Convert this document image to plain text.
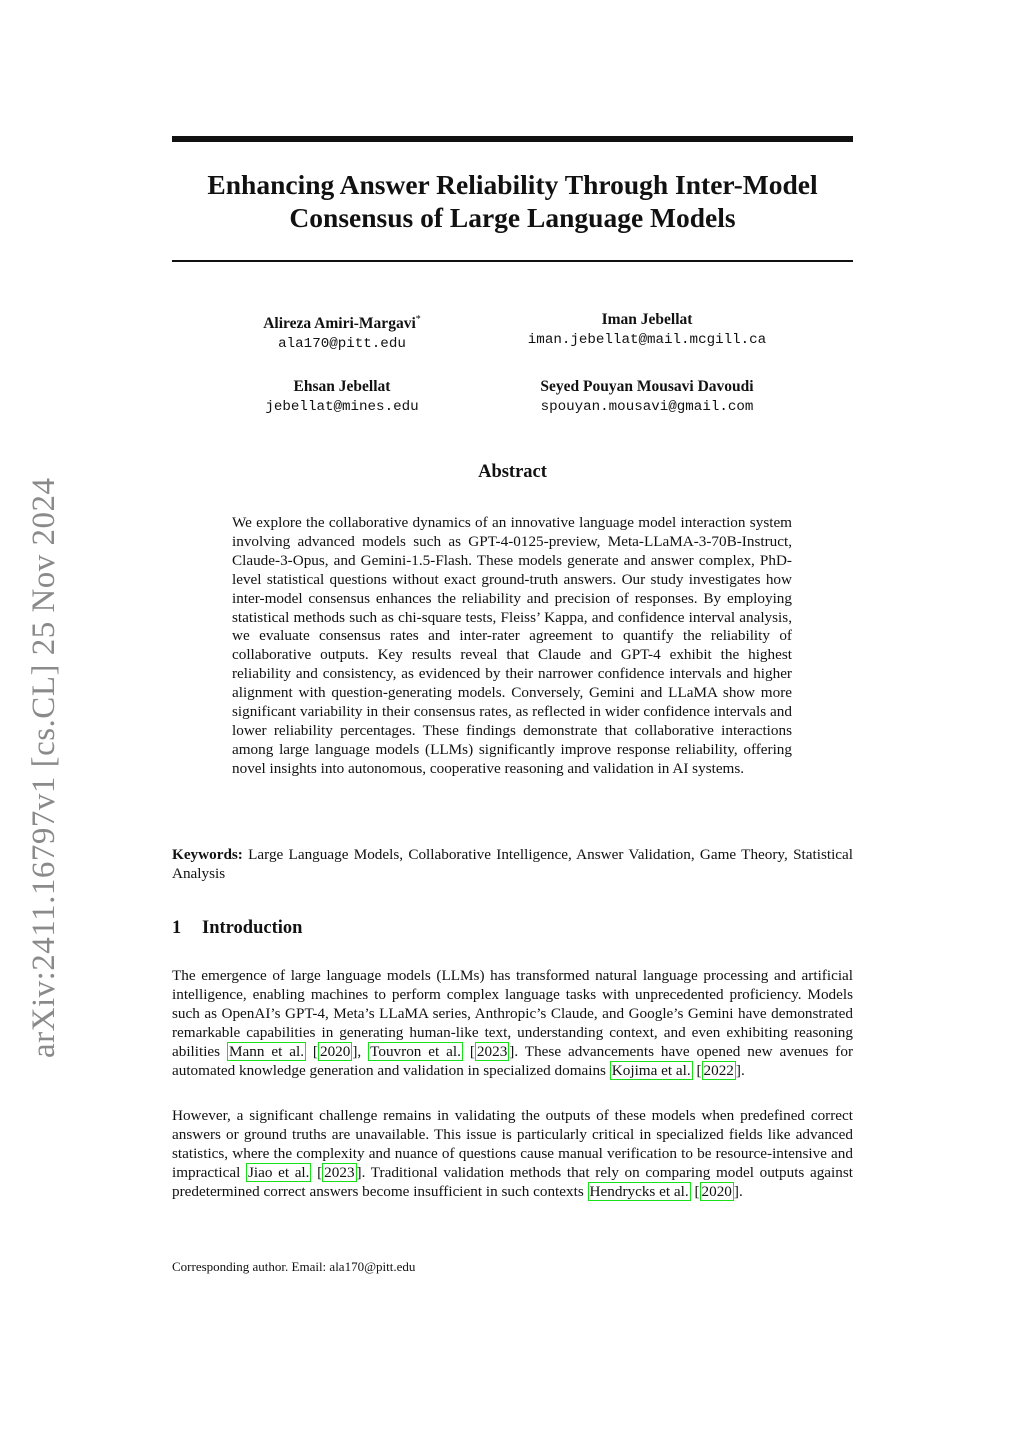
arXiv:2411.16797v1 [cs.CL] 25 Nov 2024
Enhancing Answer Reliability Through Inter-Model
Consensus of Large Language Models
Alireza Amiri-Margavi*
ala170@pitt.edu
Iman Jebellat
iman.jebellat@mail.mcgill.ca
Ehsan Jebellat
jebellat@mines.edu
Seyed Pouyan Mousavi Davoudi
spouyan.mousavi@gmail.com
Abstract
We explore the collaborative dynamics of an innovative language model interaction system involving advanced models such as GPT-4-0125-preview, Meta-LLaMA-3-70B-Instruct, Claude-3-Opus, and Gemini-1.5-Flash. These models generate and answer complex, PhD-level statistical questions without exact ground-truth answers. Our study investigates how inter-model consensus enhances the reliability and precision of responses. By employing statistical methods such as chi-square tests, Fleiss’ Kappa, and confidence interval analysis, we evaluate consensus rates and inter-rater agreement to quantify the reliability of collaborative outputs. Key results reveal that Claude and GPT-4 exhibit the highest reliability and consistency, as evidenced by their narrower confidence intervals and higher alignment with question-generating models. Conversely, Gemini and LLaMA show more significant variability in their consensus rates, as reflected in wider confidence intervals and lower reliability percentages. These findings demonstrate that collaborative interactions among large language models (LLMs) significantly improve response reliability, offering novel insights into autonomous, cooperative reasoning and validation in AI systems.
Keywords: Large Language Models, Collaborative Intelligence, Answer Validation, Game Theory, Statistical Analysis
1 Introduction
The emergence of large language models (LLMs) has transformed natural language processing and artificial intelligence, enabling machines to perform complex language tasks with unprecedented proficiency. Models such as OpenAI’s GPT-4, Meta’s LLaMA series, Anthropic’s Claude, and Google’s Gemini have demonstrated remarkable capabilities in generating human-like text, understanding context, and even exhibiting reasoning abilities Mann et al. [ 2020 ], Touvron et al. [ 2023 ]. These advancements have opened new avenues for automated knowledge generation and validation in specialized domains Kojima et al. [ 2022 ].
However, a significant challenge remains in validating the outputs of these models when predefined correct answers or ground truths are unavailable. This issue is particularly critical in specialized fields like advanced statistics, where the complexity and nuance of questions cause manual verification to be resource-intensive and impractical Jiao et al. [ 2023 ]. Traditional validation methods that rely on comparing model outputs against predetermined correct answers become insufficient in such contexts Hendrycks et al. [ 2020 ].
Corresponding author. Email: ala170@pitt.edu
